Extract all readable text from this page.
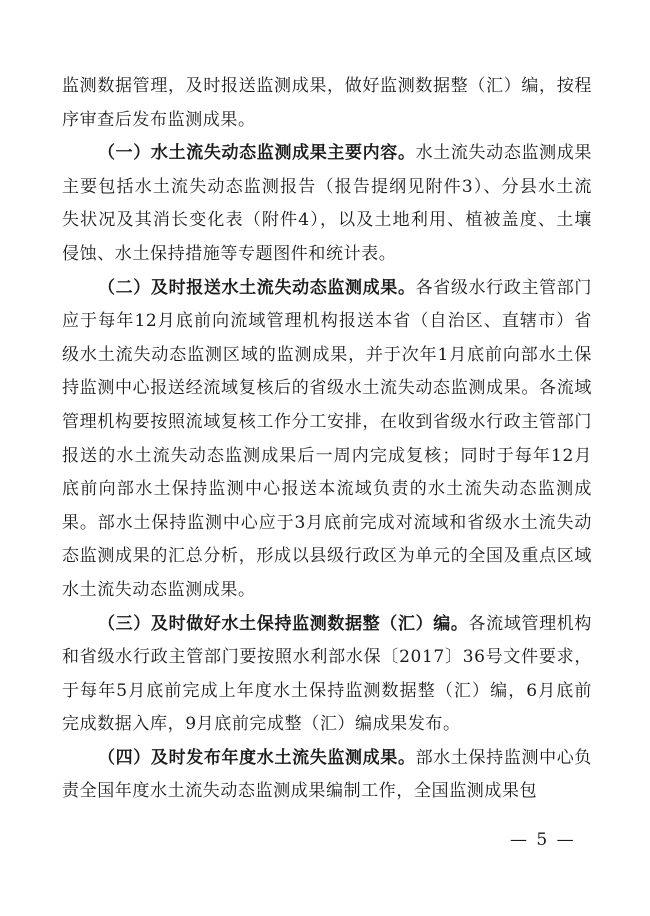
监测数据管理，及时报送监测成果，做好监测数据整（汇）编，按程序审查后发布监测成果。

（一）水土流失动态监测成果主要内容。水土流失动态监测成果主要包括水土流失动态监测报告（报告提纲见附件3）、分县水土流失状况及其消长变化表（附件4），以及土地利用、植被盖度、土壤侵蚀、水土保持措施等专题图件和统计表。

（二）及时报送水土流失动态监测成果。各省级水行政主管部门应于每年12月底前向流域管理机构报送本省（自治区、直辖市）省级水土流失动态监测区域的监测成果，并于次年1月底前向部水土保持监测中心报送经流域复核后的省级水土流失动态监测成果。各流域管理机构要按照流域复核工作分工安排，在收到省级水行政主管部门报送的水土流失动态监测成果后一周内完成复核；同时于每年12月底前向部水土保持监测中心报送本流域负责的水土流失动态监测成果。部水土保持监测中心应于3月底前完成对流域和省级水土流失动态监测成果的汇总分析，形成以县级行政区为单元的全国及重点区域水土流失动态监测成果。

（三）及时做好水土保持监测数据整（汇）编。各流域管理机构和省级水行政主管部门要按照水利部水保〔2017〕36号文件要求，于每年5月底前完成上年度水土保持监测数据整（汇）编，6月底前完成数据入库，9月底前完成整（汇）编成果发布。

（四）及时发布年度水土流失监测成果。部水土保持监测中心负责全国年度水土流失动态监测成果编制工作，全国监测成果包

— 5 —
